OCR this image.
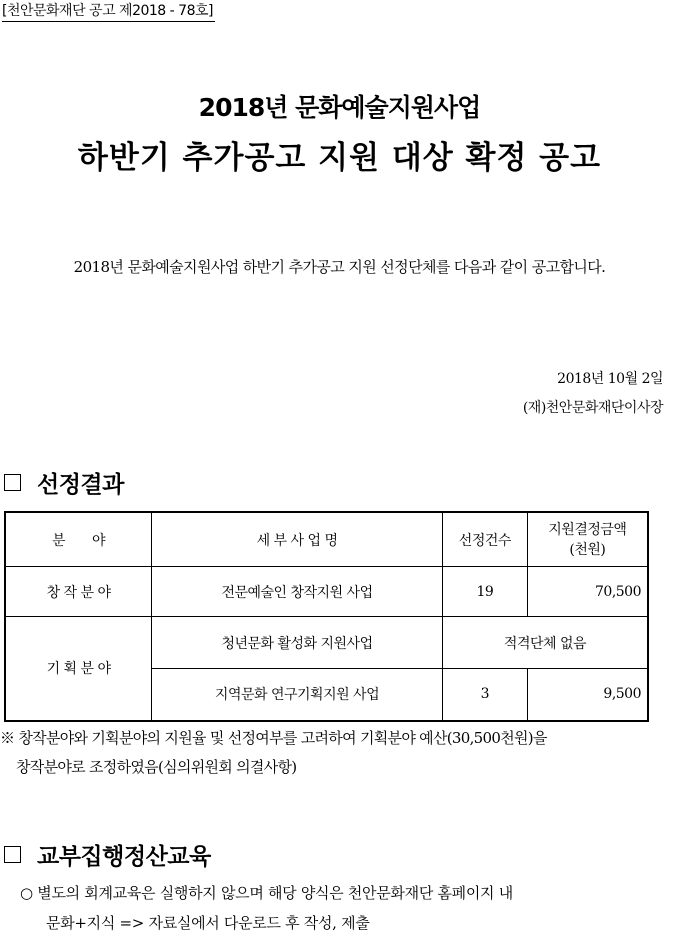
[천안문화재단 공고 제2018 - 78호]
2018년 문화예술지원사업
하반기 추가공고 지원 대상 확정 공고
2018년 문화예술지원사업 하반기 추가공고 지원 선정단체를 다음과 같이 공고합니다.
2018년 10월 2일
(재)천안문화재단이사장
선정결과
분　　야	세 부 사 업 명	선정건수	지원결정금액
(천원)
창 작 분 야	전문예술인 창작지원 사업	19	70,500
기 획 분 야	청년문화 활성화 지원사업	적격단체 없음	
	지역문화 연구기획지원 사업	3	9,500
※ 창작분야와 기획분야의 지원율 및 선정여부를 고려하여 기획분야 예산(30,500천원)을
창작분야로 조정하였음(심의위원회 의결사항)
교부집행정산교육
○ 별도의 회계교육은 실행하지 않으며 해당 양식은 천안문화재단 홈페이지 내
문화+지식 => 자료실에서 다운로드 후 작성, 제출
